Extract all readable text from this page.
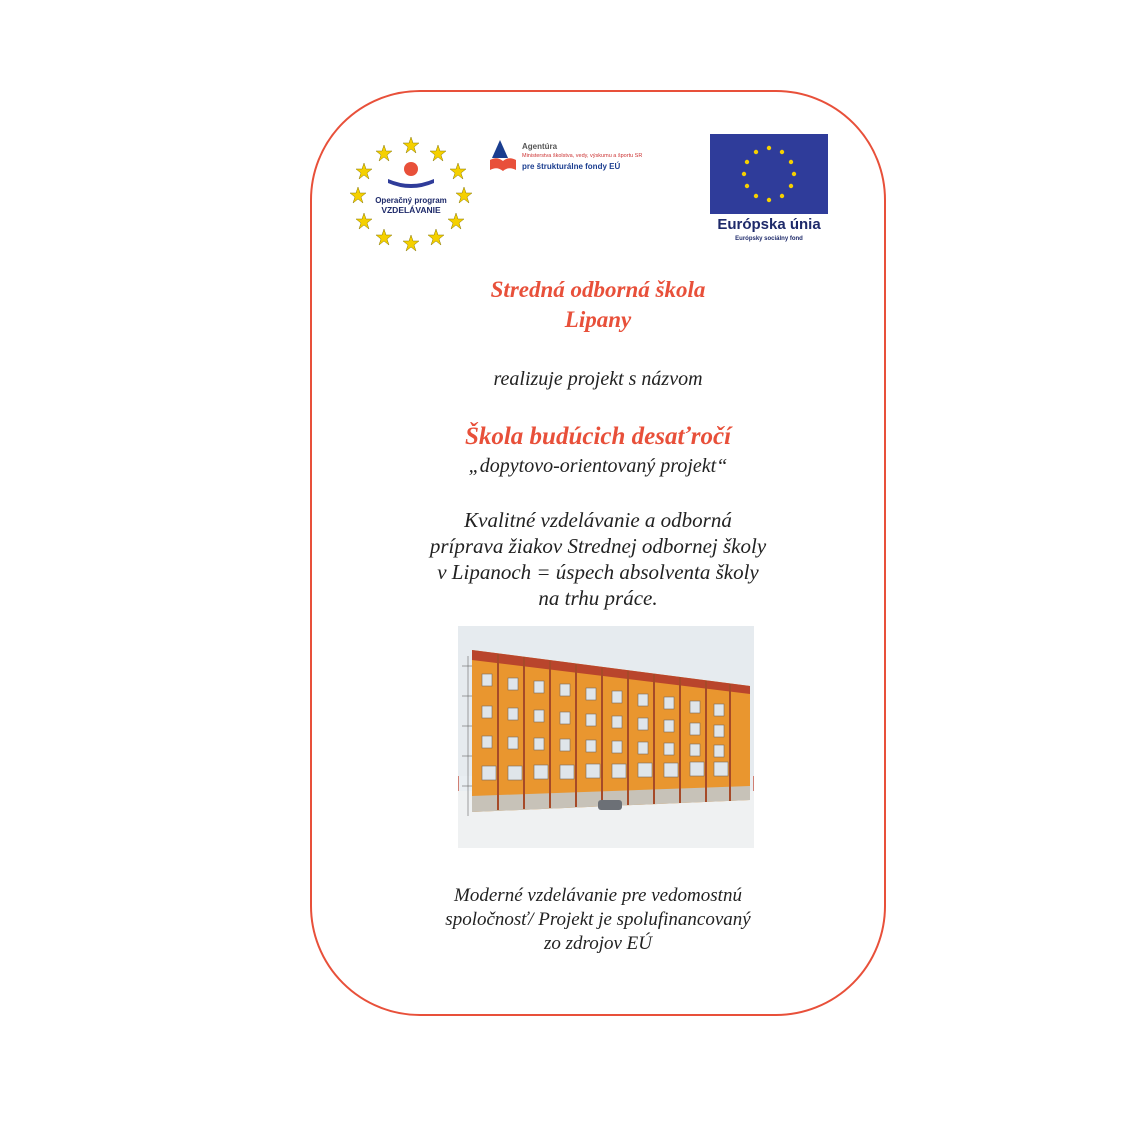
Operačný program
VZDELÁVANIE
Agentúra
Ministerstva školstva, vedy, výskumu a športu SR
pre štrukturálne fondy EÚ
Európska únia
Európsky sociálny fond
Stredná odborná škola
Lipany
realizuje projekt s názvom
Škola budúcich desaťročí
„dopytovo-orientovaný projekt“
Kvalitné vzdelávanie a odborná
príprava žiakov Strednej odbornej školy
v Lipanoch = úspech absolventa školy
na trhu práce.
Moderné vzdelávanie pre vedomostnú
spoločnosť/ Projekt je spolufinancovaný
zo zdrojov EÚ
